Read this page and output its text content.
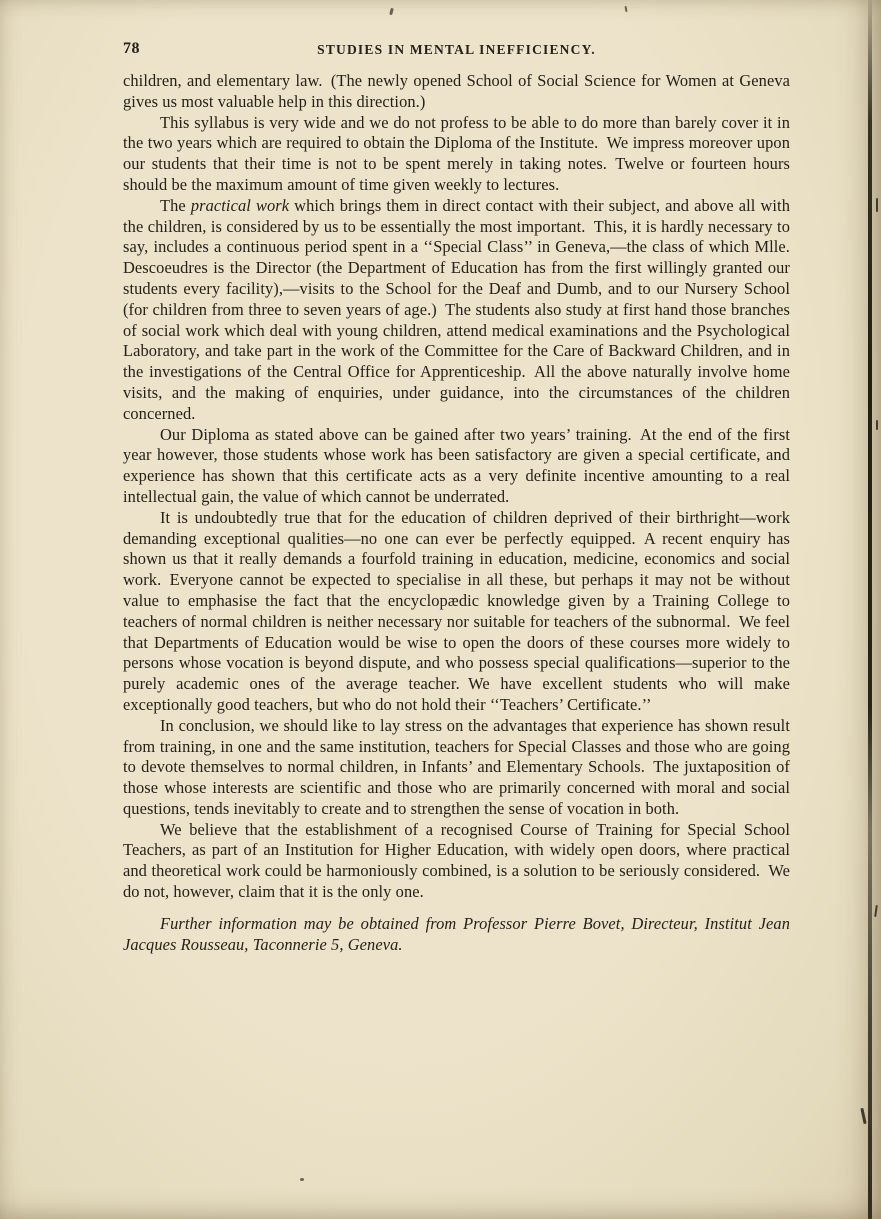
78	STUDIES IN MENTAL INEFFICIENCY.

children, and elementary law. (The newly opened School of Social Science for Women at Geneva gives us most valuable help in this direction.)

This syllabus is very wide and we do not profess to be able to do more than barely cover it in the two years which are required to obtain the Diploma of the Institute. We impress moreover upon our students that their time is not to be spent merely in taking notes. Twelve or fourteen hours should be the maximum amount of time given weekly to lectures.

The practical work which brings them in direct contact with their subject, and above all with the children, is considered by us to be essentially the most important. This, it is hardly necessary to say, includes a continuous period spent in a ‘‘Special Class’’ in Geneva,—the class of which Mlle. Descoeudres is the Director (the Department of Education has from the first willingly granted our students every facility),—visits to the School for the Deaf and Dumb, and to our Nursery School (for children from three to seven years of age.) The students also study at first hand those branches of social work which deal with young children, attend medical examinations and the Psychological Laboratory, and take part in the work of the Committee for the Care of Backward Children, and in the investigations of the Central Office for Apprenticeship. All the above naturally involve home visits, and the making of enquiries, under guidance, into the circumstances of the children concerned.

Our Diploma as stated above can be gained after two years’ training. At the end of the first year however, those students whose work has been satisfactory are given a special certificate, and experience has shown that this certificate acts as a very definite incentive amounting to a real intellectual gain, the value of which cannot be underrated.

It is undoubtedly true that for the education of children deprived of their birthright—work demanding exceptional qualities—no one can ever be perfectly equipped. A recent enquiry has shown us that it really demands a fourfold training in education, medicine, economics and social work. Everyone cannot be expected to specialise in all these, but perhaps it may not be without value to emphasise the fact that the encyclopædic knowledge given by a Training College to teachers of normal children is neither necessary nor suitable for teachers of the subnormal. We feel that Departments of Education would be wise to open the doors of these courses more widely to persons whose vocation is beyond dispute, and who possess special qualifications—superior to the purely academic ones of the average teacher. We have excellent students who will make exceptionally good teachers, but who do not hold their ‘‘Teachers’ Certificate.’’

In conclusion, we should like to lay stress on the advantages that experience has shown result from training, in one and the same institution, teachers for Special Classes and those who are going to devote themselves to normal children, in Infants’ and Elementary Schools. The juxtaposition of those whose interests are scientific and those who are primarily concerned with moral and social questions, tends inevitably to create and to strengthen the sense of vocation in both.

We believe that the establishment of a recognised Course of Training for Special School Teachers, as part of an Institution for Higher Education, with widely open doors, where practical and theoretical work could be harmoniously combined, is a solution to be seriously considered. We do not, however, claim that it is the only one.

Further information may be obtained from Professor Pierre Bovet, Directeur, Institut Jean Jacques Rousseau, Taconnerie 5, Geneva.
